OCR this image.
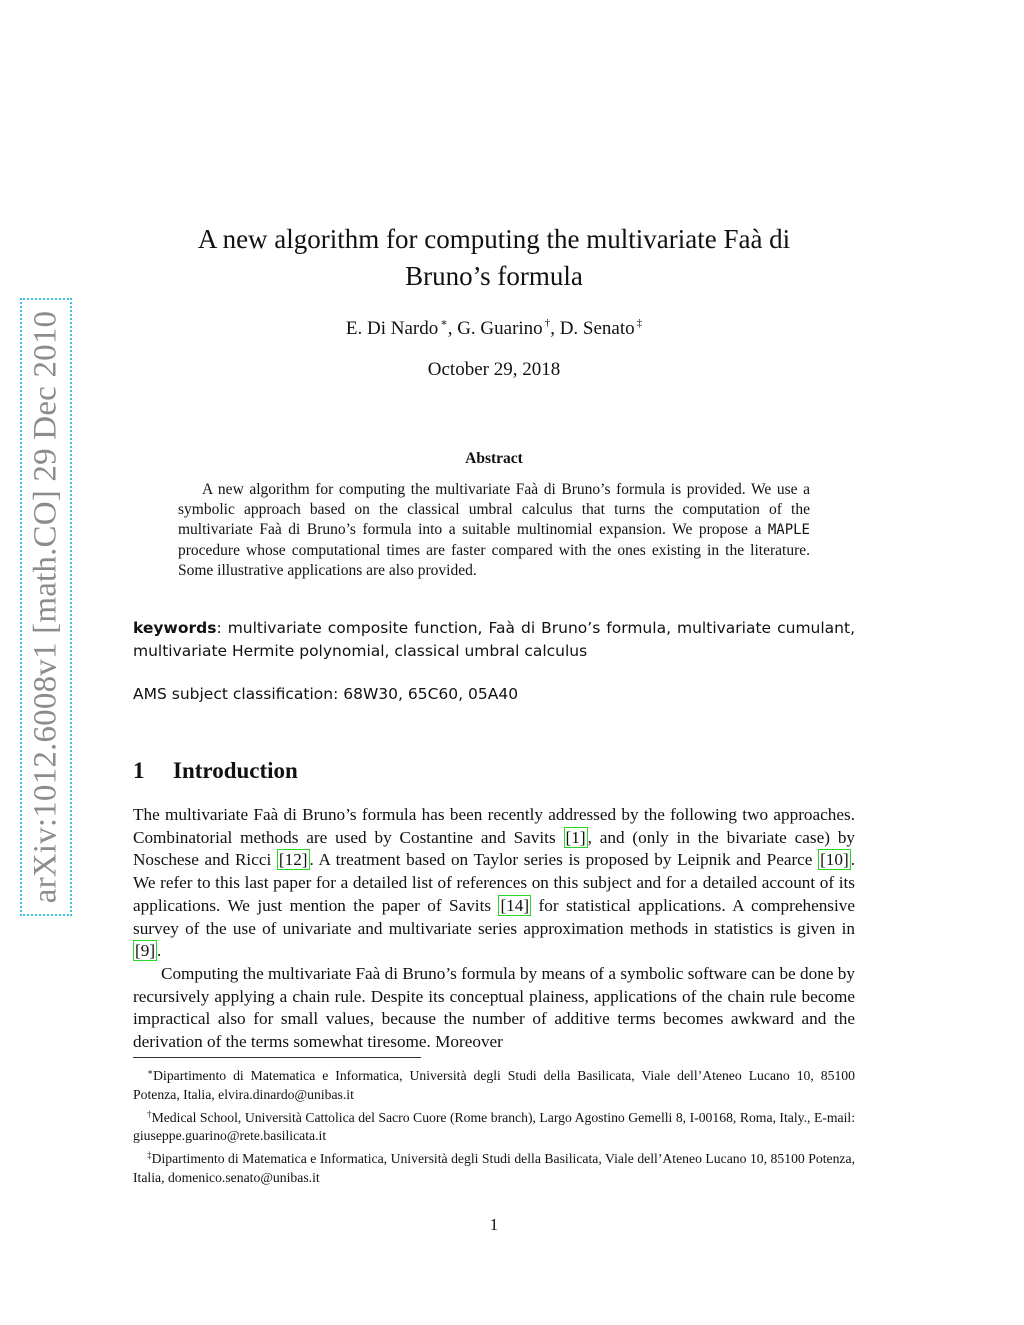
arXiv:1012.6008v1 [math.CO] 29 Dec 2010
A new algorithm for computing the multivariate Faà di
Bruno’s formula
E. Di Nardo ∗, G. Guarino †, D. Senato ‡
October 29, 2018
Abstract
A new algorithm for computing the multivariate Faà di Bruno’s formula is provided. We use a symbolic approach based on the classical umbral calculus that turns the computation of the multivariate Faà di Bruno’s formula into a suitable multinomial expansion. We propose a MAPLE procedure whose computational times are faster compared with the ones existing in the literature. Some illustrative applications are also provided.
keywords: multivariate composite function, Faà di Bruno’s formula, multivariate cumulant, multivariate Hermite polynomial, classical umbral calculus
AMS subject classification: 68W30, 65C60, 05A40
1 Introduction

The multivariate Faà di Bruno’s formula has been recently addressed by the following two approaches. Combinatorial methods are used by Costantine and Savits [1] , and (only in the bivariate case) by Noschese and Ricci [12] . A treatment based on Taylor series is proposed by Leipnik and Pearce [10] . We refer to this last paper for a detailed list of references on this subject and for a detailed account of its applications. We just mention the paper of Savits [14] for statistical applications. A comprehensive survey of the use of univariate and multivariate series approximation methods in statistics is given in [9] .

Computing the multivariate Faà di Bruno’s formula by means of a symbolic software can be done by recursively applying a chain rule. Despite its conceptual plainess, applications of the chain rule become impractical also for small values, because the number of additive terms becomes awkward and the derivation of the terms somewhat tiresome. Moreover

∗Dipartimento di Matematica e Informatica, Università degli Studi della Basilicata, Viale dell’Ateneo Lucano 10, 85100 Potenza, Italia, elvira.dinardo@unibas.it
†Medical School, Università Cattolica del Sacro Cuore (Rome branch), Largo Agostino Gemelli 8, I-00168, Roma, Italy., E-mail: giuseppe.guarino@rete.basilicata.it
‡Dipartimento di Matematica e Informatica, Università degli Studi della Basilicata, Viale dell’Ateneo Lucano 10, 85100 Potenza, Italia, domenico.senato@unibas.it
1
